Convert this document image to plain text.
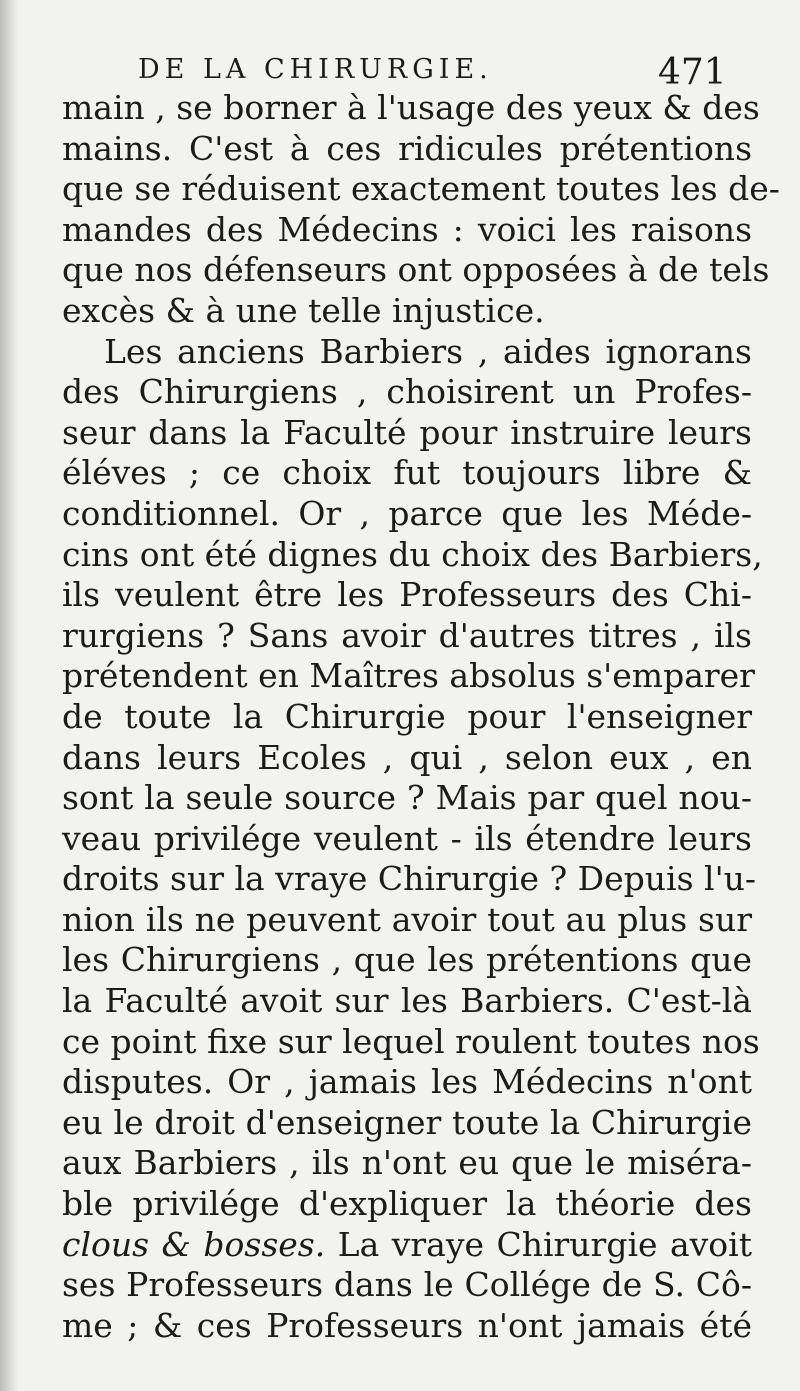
DE LA CHIRURGIE.	471
main , se borner à l'usage des yeux & des
mains. C'est à ces ridicules prétentions
que se réduisent exactement toutes les de-
mandes des Médecins : voici les raisons
que nos défenseurs ont opposées à de tels
excès & à une telle injustice.
Les anciens Barbiers , aides ignorans
des Chirurgiens , choisirent un Profes-
seur dans la Faculté pour instruire leurs
éléves ; ce choix fut toujours libre &
conditionnel. Or , parce que les Méde-
cins ont été dignes du choix des Barbiers,
ils veulent être les Professeurs des Chi-
rurgiens ? Sans avoir d'autres titres , ils
prétendent en Maîtres absolus s'emparer
de toute la Chirurgie pour l'enseigner
dans leurs Ecoles , qui , selon eux , en
sont la seule source ? Mais par quel nou-
veau privilége veulent - ils étendre leurs
droits sur la vraye Chirurgie ? Depuis l'u-
nion ils ne peuvent avoir tout au plus sur
les Chirurgiens , que les prétentions que
la Faculté avoit sur les Barbiers. C'est-là
ce point fixe sur lequel roulent toutes nos
disputes. Or , jamais les Médecins n'ont
eu le droit d'enseigner toute la Chirurgie
aux Barbiers , ils n'ont eu que le miséra-
ble privilége d'expliquer la théorie des
clous & bosses. La vraye Chirurgie avoit
ses Professeurs dans le Collége de S. Cô-
me ; & ces Professeurs n'ont jamais été
